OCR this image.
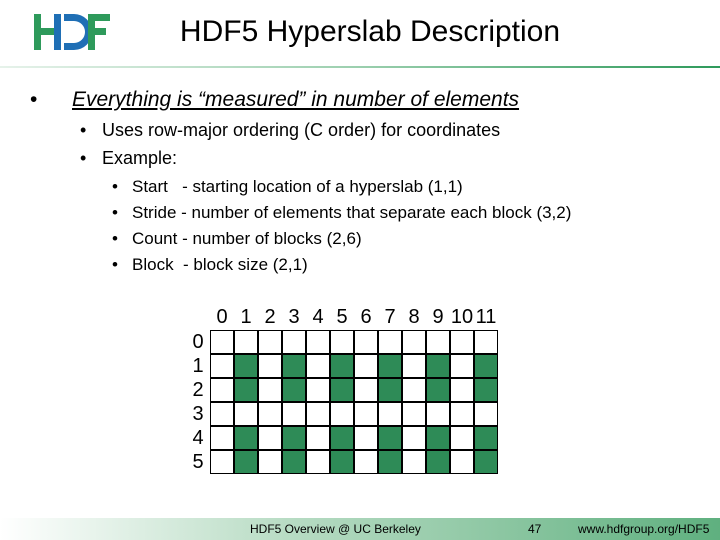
HDF5 Hyperslab Description
• Everything is “measured” in number of elements
• Uses row-major ordering (C order) for coordinates
• Example:
• Start   - starting location of a hyperslab (1,1)
• Stride - number of elements that separate each block (3,2)
• Count - number of blocks (2,6)
• Block  - block size (2,1)
0 1 2 3 4 5 6 7 8 9 10 11
0
1
2
3
4
5
HDF5 Overview @ UC Berkeley	47	www.hdfgroup.org/HDF5
